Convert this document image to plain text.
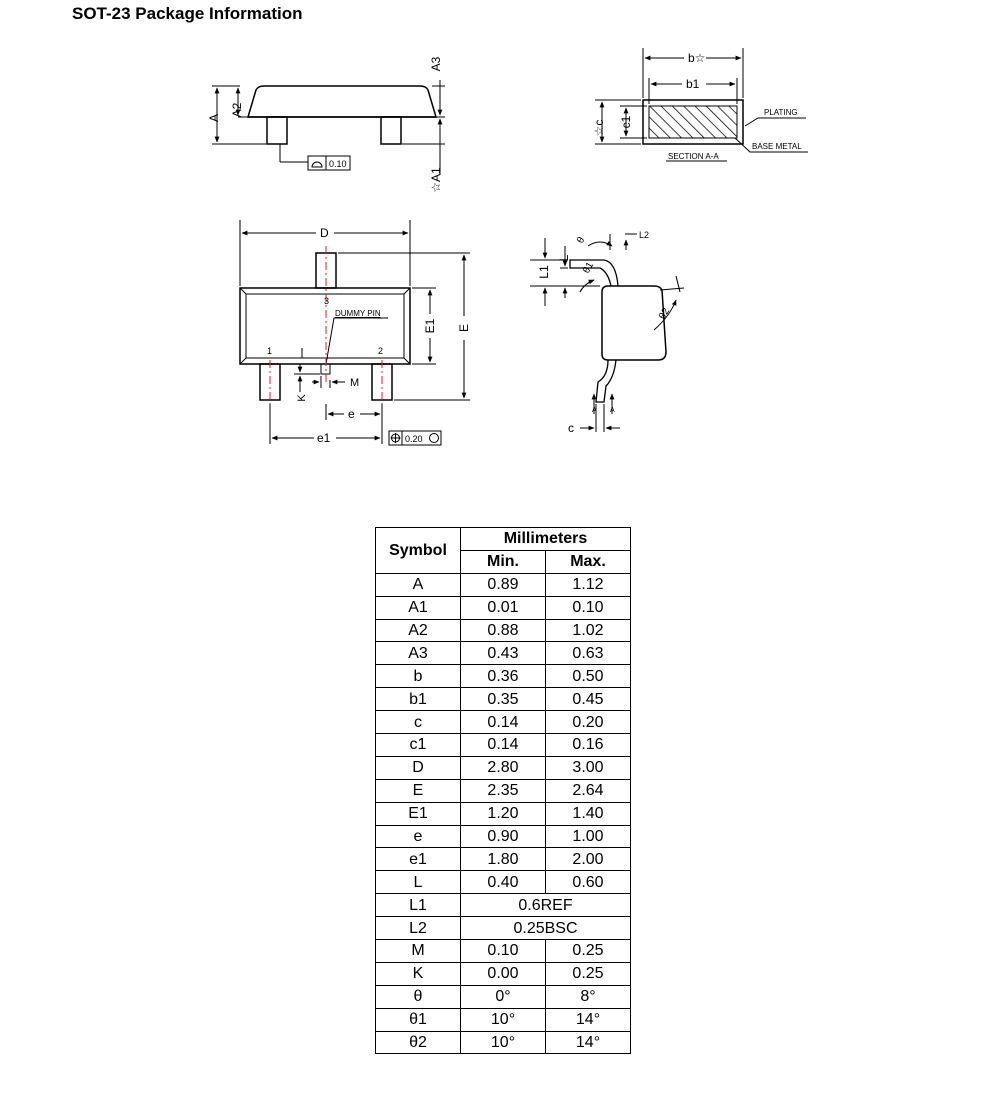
SOT-23 Package Information
A
A2
A3
☆A1
0.10
b☆
b1
☆c c1
PLATING
BASE METAL
SECTION A-A
D
E
E1
3
1	2
DUMMY PIN
M
K
e
e1	0.20
L2
L1
L
θ
θ1
θ2
c
A A
Symbol	Millimeters	
	Min.	Max.
A	0.89	1.12
A1	0.01	0.10
A2	0.88	1.02
A3	0.43	0.63
b	0.36	0.50
b1	0.35	0.45
c	0.14	0.20
c1	0.14	0.16
D	2.80	3.00
E	2.35	2.64
E1	1.20	1.40
e	0.90	1.00
e1	1.80	2.00
L	0.40	0.60
L1	0.6REF	
L2	0.25BSC	
M	0.10	0.25
K	0.00	0.25
θ	0°	8°
θ1	10°	14°
θ2	10°	14°
